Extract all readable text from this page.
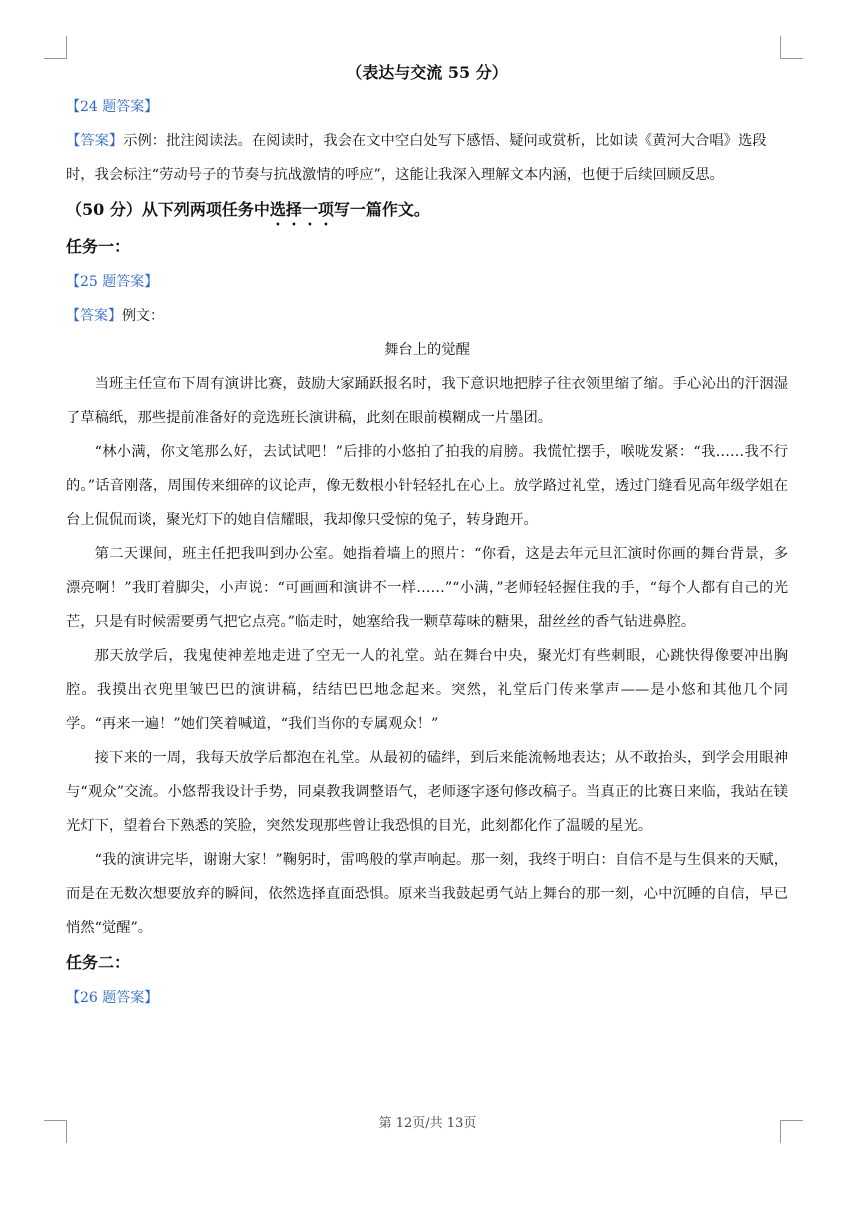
（表达与交流 55 分）

【24 题答案】

【答案】示例：批注阅读法。在阅读时，我会在文中空白处写下感悟、疑问或赏析，比如读《黄河大合唱》选段时，我会标注“劳动号子的节奏与抗战激情的呼应”，这能让我深入理解文本内涵，也便于后续回顾反思。

（50 分）从下列两项任务中选择一项写一篇作文。

任务一：

【25 题答案】

【答案】例文：

舞台上的觉醒

当班主任宣布下周有演讲比赛，鼓励大家踊跃报名时，我下意识地把脖子往衣领里缩了缩。手心沁出的汗洇湿了草稿纸，那些提前准备好的竞选班长演讲稿，此刻在眼前模糊成一片墨团。

“林小满，你文笔那么好，去试试吧！”后排的小悠拍了拍我的肩膀。我慌忙摆手，喉咙发紧：“我……我不行的。”话音刚落，周围传来细碎的议论声，像无数根小针轻轻扎在心上。放学路过礼堂，透过门缝看见高年级学姐在台上侃侃而谈，聚光灯下的她自信耀眼，我却像只受惊的兔子，转身跑开。

第二天课间，班主任把我叫到办公室。她指着墙上的照片：“你看，这是去年元旦汇演时你画的舞台背景，多漂亮啊！”我盯着脚尖，小声说：“可画画和演讲不一样……”“小满，”老师轻轻握住我的手，“每个人都有自己的光芒，只是有时候需要勇气把它点亮。”临走时，她塞给我一颗草莓味的糖果，甜丝丝的香气钻进鼻腔。

那天放学后，我鬼使神差地走进了空无一人的礼堂。站在舞台中央，聚光灯有些刺眼，心跳快得像要冲出胸腔。我摸出衣兜里皱巴巴的演讲稿，结结巴巴地念起来。突然，礼堂后门传来掌声——是小悠和其他几个同学。“再来一遍！”她们笑着喊道，“我们当你的专属观众！”

接下来的一周，我每天放学后都泡在礼堂。从最初的磕绊，到后来能流畅地表达；从不敢抬头，到学会用眼神与“观众”交流。小悠帮我设计手势，同桌教我调整语气，老师逐字逐句修改稿子。当真正的比赛日来临，我站在镁光灯下，望着台下熟悉的笑脸，突然发现那些曾让我恐惧的目光，此刻都化作了温暖的星光。

“我的演讲完毕，谢谢大家！”鞠躬时，雷鸣般的掌声响起。那一刻，我终于明白：自信不是与生俱来的天赋，而是在无数次想要放弃的瞬间，依然选择直面恐惧。原来当我鼓起勇气站上舞台的那一刻，心中沉睡的自信，早已悄然“觉醒”。

任务二：

【26 题答案】

第 12页/共 13页
